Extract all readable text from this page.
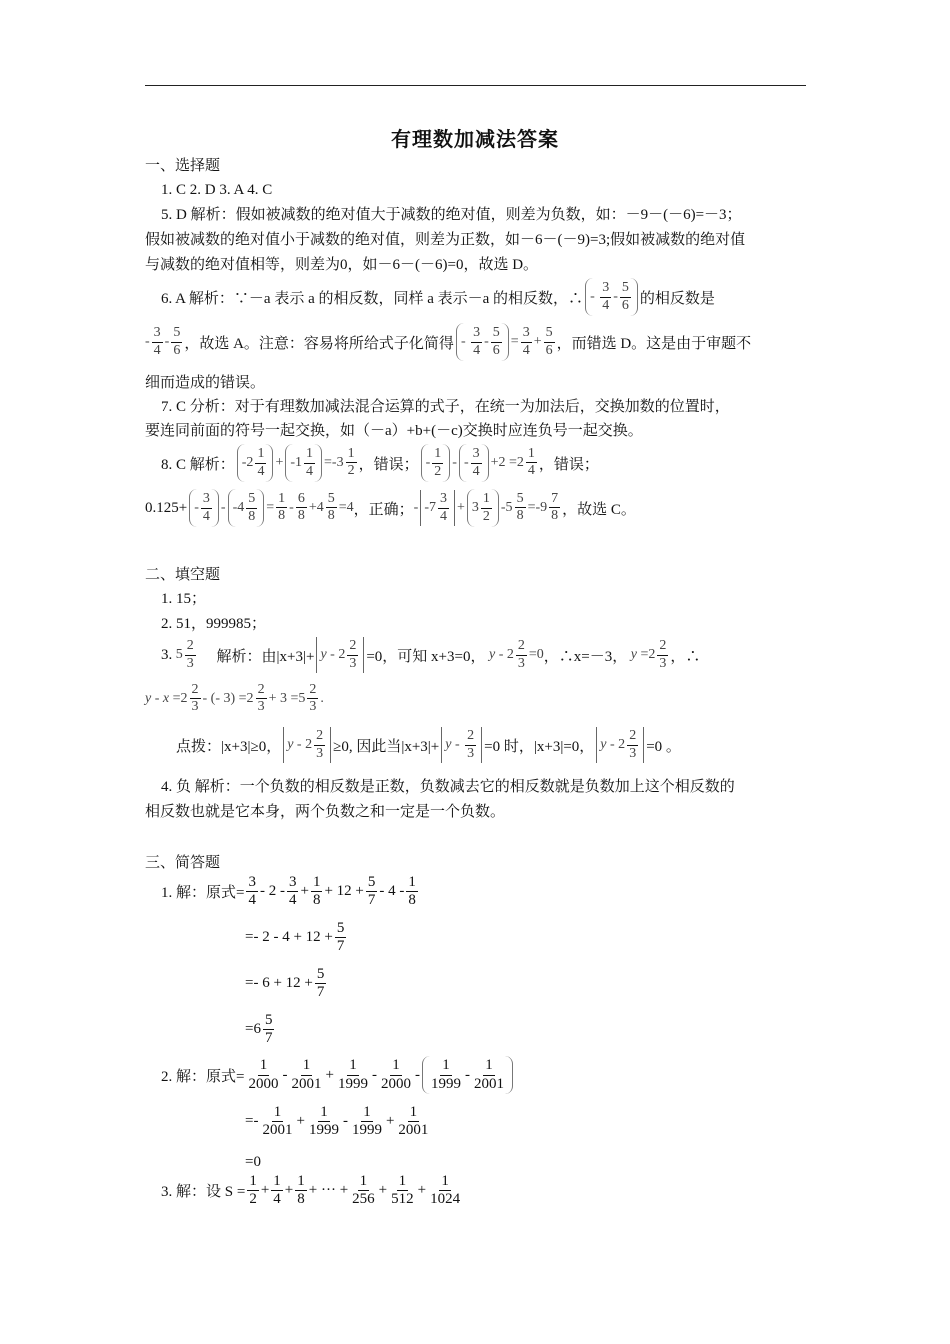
有理数加减法答案
一、选择题
1. C 2. D 3. A 4. C
5. D 解析：假如被减数的绝对值大于减数的绝对值，则差为负数，如：－9－(－6)=－3；
假如被减数的绝对值小于减数的绝对值，则差为正数，如－6－(－9)=3;假如被减数的绝对值
与减数的绝对值相等，则差为0，如－6－(－6)=0，故选 D。
6. A 解析：∵－a 表示 a 的相反数，同样 a 表示－a 的相反数，∴ -
3
4
-
5
6 的相反数是
- $\frac{3}{4} - \frac{5}{6}$ ，故选 A。注意：容易将所给式子化简得 -
3
4
-
5
6
= $\frac{3}{4} + \frac{5}{6}$ ，而错选 D。这是由于审题不
细而造成的错误。
7. C 分析：对于有理数加减法混合运算的式子，在统一为加法后，交换加数的位置时，
要连同前面的符号一起交换，如（－a）+b+(－c)交换时应连负号一起交换。
8. C 解析： -2
1
4
+ -1
1
4
$=-3 \frac{1}{2}$ ，错误； -
1
2
- -
3
4
$+2 =2 \frac{1}{4}$ ，错误；
0.125+ -
3
4
- -4
5
8
= $\frac{1}{8} - \frac{6}{8} +4 \frac{5}{8} =4$ ，正确； - -7
3
4
+ 3
1
2
$-5 \frac{5}{8} =-9 \frac{7}{8}$ ，故选 C。
二、填空题
1. 15；
2. 51，999985；
3. $5 \frac{2}{3}$
解析：由|x+3|+ y - 2
2
3 =0，可知 x+3=0， $y - 2 \frac{2}{3} =0$ ，∴x=－3， $y =2 \frac{2}{3}$ ，∴
$y - x =2 \frac{2}{3}$ - (- $3) =2 \frac{2}{3} + 3 =5 \frac{2}{3}$ .
点拨：|x+3|≥0， y - 2
2
3 ≥0, 因此当|x+3|+ y -
2
3 =0 时，|x+3|=0， y - 2
2
3 =0 。
4. 负 解析：一个负数的相反数是正数，负数减去它的相反数就是负数加上这个相反数的
相反数也就是它本身，两个负数之和一定是一个负数。
三、简答题
1. 解：原式= $\frac{3}{4} - 2$ -
3
4
+ $\frac{1}{8} + 12 + \frac{5}{7} - 4$ -
1
8
=- $2 - 4 + 12 + \frac{5}{7}$
=- $6 + 12 + \frac{5}{7}$
=6
5
7
2. 解：原式= $\frac{1}{2000}$ -
1
2001
+ $\frac{1}{1999}$ -
1
2000
-
1
1999
-
1
2001
=-
1
2001
+ $\frac{1}{1999}$ -
1
1999
+ $\frac{1}{2001}$
=0
3. 解：设 $S = \frac{1}{2} + \frac{1}{4} + \frac{1}{8}$ + ··· + $\frac{1}{256} + \frac{1}{512} + \frac{1}{1024}$
